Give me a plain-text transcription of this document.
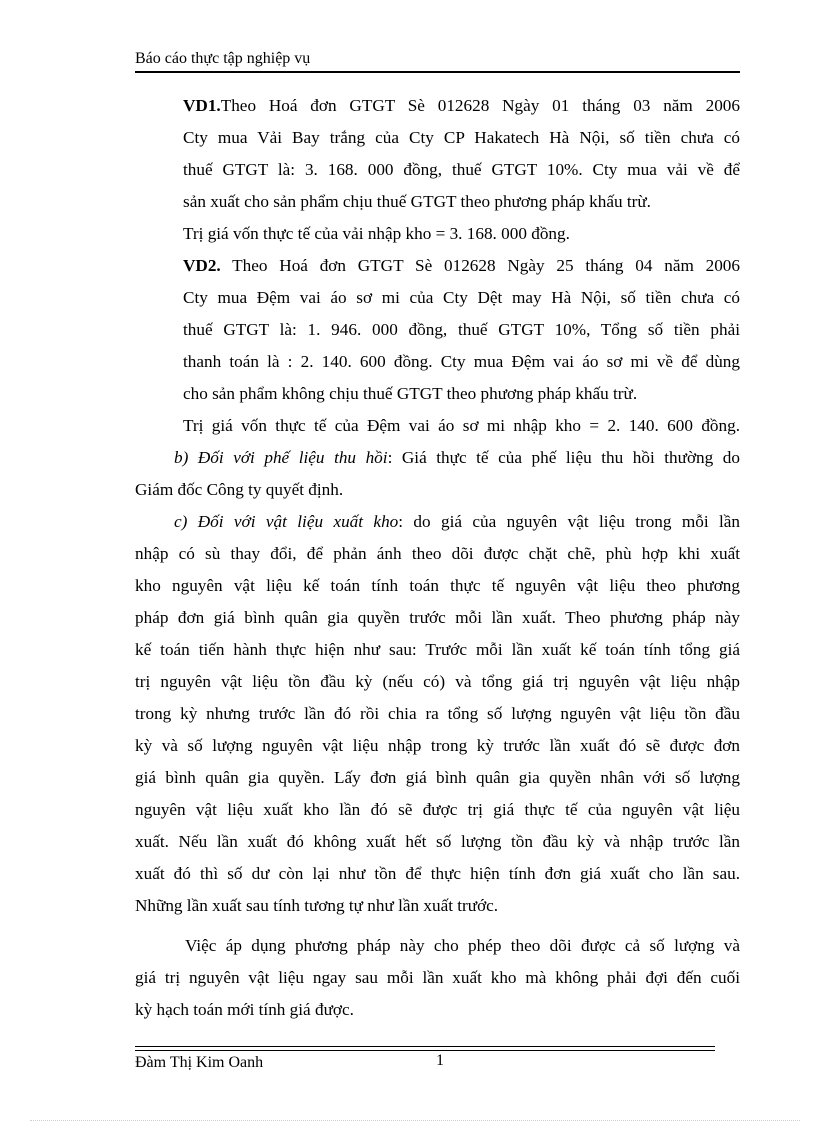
Báo cáo thực tập nghiệp vụ
VD1.Theo Hoá đơn GTGT Sè 012628 Ngày 01 tháng 03 năm 2006
Cty mua Vải Bay trắng của Cty CP Hakatech Hà Nội, số tiền chưa có
thuế GTGT là: 3. 168. 000 đồng, thuế GTGT 10%. Cty mua vải về để
sản xuất cho sản phẩm chịu thuế GTGT theo phương pháp khấu trừ.
Trị giá vốn thực tế của vải nhập kho = 3. 168. 000 đồng.
VD2. Theo Hoá đơn GTGT Sè 012628 Ngày 25 tháng 04 năm 2006
Cty mua Đệm vai áo sơ mi của Cty Dệt may Hà Nội, số tiền chưa có
thuế GTGT là: 1. 946. 000 đồng, thuế GTGT 10%, Tổng số tiền phải
thanh toán là : 2. 140. 600 đồng. Cty mua Đệm vai áo sơ mi về để dùng
cho sản phẩm không chịu thuế GTGT theo phương pháp khấu trừ.
Trị giá vốn thực tế của Đệm vai áo sơ mi nhập kho = 2. 140. 600 đồng.
b) Đối với phế liệu thu hồi: Giá thực tế của phế liệu thu hồi thường do
Giám đốc Công ty quyết định.
c) Đối với vật liệu xuất kho: do giá của nguyên vật liệu trong mỗi lần
nhập có sù thay đổi, để phản ánh theo dõi được chặt chẽ, phù hợp khi xuất
kho nguyên vật liệu kế toán tính toán thực tế nguyên vật liệu theo phương
pháp đơn giá bình quân gia quyền trước mỗi lần xuất. Theo phương pháp này
kế toán tiến hành thực hiện như sau: Trước mỗi lần xuất kế toán tính tổng giá
trị nguyên vật liệu tồn đầu kỳ (nếu có) và tổng giá trị nguyên vật liệu nhập
trong kỳ nhưng trước lần đó rồi chia ra tổng số lượng nguyên vật liệu tồn đầu
kỳ và số lượng nguyên vật liệu nhập trong kỳ trước lần xuất đó sẽ được đơn
giá bình quân gia quyền. Lấy đơn giá bình quân gia quyền nhân với số lượng
nguyên vật liệu xuất kho lần đó sẽ được trị giá thực tế của nguyên vật liệu
xuất. Nếu lần xuất đó không xuất hết số lượng tồn đầu kỳ và nhập trước lần
xuất đó thì số dư còn lại như tồn để thực hiện tính đơn giá xuất cho lần sau.
Những lần xuất sau tính tương tự như lần xuất trước.
Việc áp dụng phương pháp này cho phép theo dõi được cả số lượng và
giá trị nguyên vật liệu ngay sau mỗi lần xuất kho mà không phải đợi đến cuối
kỳ hạch toán mới tính giá được.
Đàm Thị Kim Oanh	1
